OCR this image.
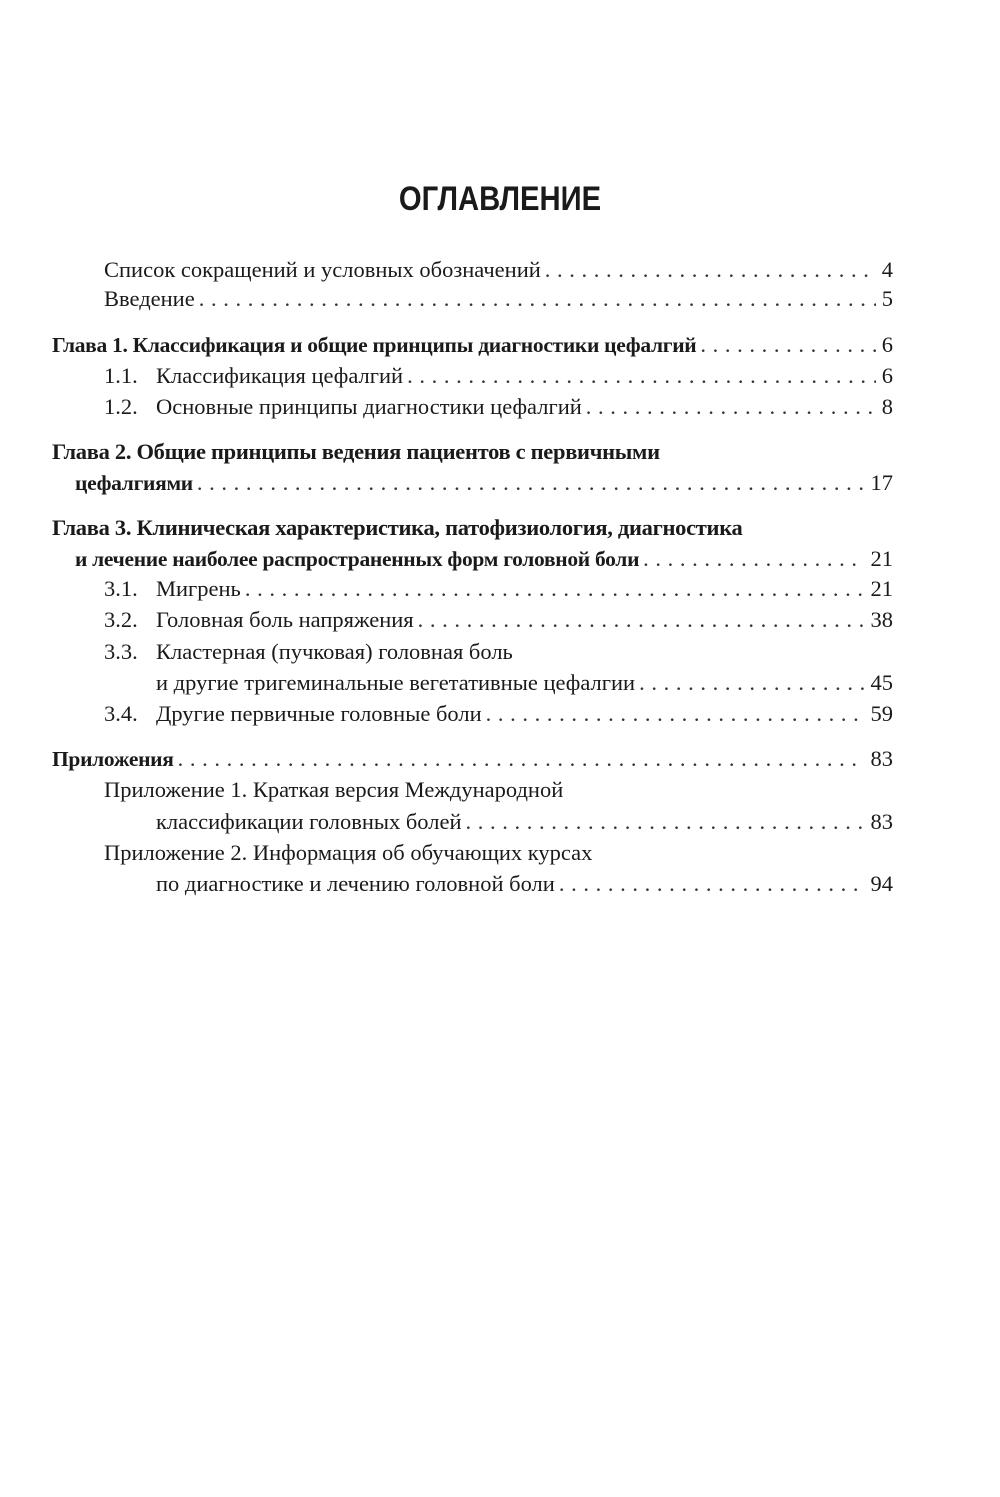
ОГЛАВЛЕНИЕ
Список сокращений и условных обозначений . . .	4
Введение . . .	5
Глава 1. Классификация и общие принципы диагностики цефалгий . . .	6
1.1. Классификация цефалгий . . .	6
1.2. Основные принципы диагностики цефалгий . . .	8
Глава 2. Общие принципы ведения пациентов с первичными
цефалгиями . . .	17
Глава 3. Клиническая характеристика, патофизиология, диагностика
и лечение наиболее распространенных форм головной боли . . .	21
3.1. Мигрень . . .	21
3.2. Головная боль напряжения . . .	38
3.3. Кластерная (пучковая) головная боль
и другие тригеминальные вегетативные цефалгии . . .	45
3.4. Другие первичные головные боли . . .	59
Приложения . . .	83
Приложение 1. Краткая версия Международной
классификации головных болей . . .	83
Приложение 2. Информация об обучающих курсах
по диагностике и лечению головной боли . . .	94
